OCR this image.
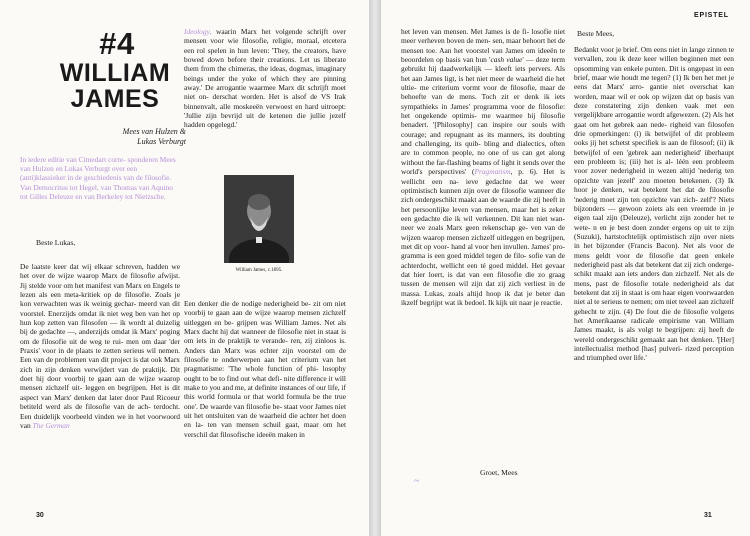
#4
WILLIAM
JAMES
Mees van Hulzen &
Lukas Verburgt
In iedere editie van Cimedart corre- sponderen Mees van Hulzen en Lukas Verburgt over een (anti)klassieker in de geschiedenis van de filosofie. Van Democritus tot Hegel, van Thomas van Aquino tot Gilles Deleuze en van Berkeley tot Nietzsche.
Beste Lukas,
De laatste keer dat wij elkaar schreven, hadden we het over de wijze waarop Marx de filosofie afwijst. Jij stelde voor om het manifest van Marx en Engels te lezen als een meta-kritiek op de filosofie. Zoals je kon verwachten was ik weinig gechar- meerd van dit voorstel. Enerzijds omdat ik niet weg ben van het op hun kop zetten van filosofen — ik wordt al duizelig bij de gedachte —, anderzijds omdat ik Marx' poging om de filosofie uit de weg te rui- men om daar 'der Praxis' voor in de plaats te zetten serieus wil nemen. Een van de problemen van dit project is dat ook Marx zich in zijn denken verwijdert van de praktijk. Dit doet hij door voorbij te gaan aan de wijze waarop mensen zichzelf uit- leggen en begrijpen. Het is dit aspect van Marx' denken dat later door Paul Ricoeur betiteld werd als de filosofie van de ach- terdocht. Een duidelijk voorbeeld vinden we in het voorwoord van The German
Ideology, waarin Marx het volgende schrijft over mensen voor wie filosofie, religie, moraal, etcetera een rol spelen in hun leven: 'They, the creators, have bowed down before their creations. Let us liberate them from the chimeras, the ideas, dogmas, imaginary beings under the yoke of which they are pinning away.' De arrogantie waarmee Marx dit schrijft moet niet on- derschat worden. Het is alsof de VS Irak binnenvalt, alle moskeeën verwoest en hard uitroept: 'Jullie zijn bevrijd uit de ketenen die jullie jezelf hadden opgelegd.'
William James, c.1895.
Een denker die de nodige nederigheid be- zit om niet voorbij te gaan aan de wijze waarop mensen zichzelf uitleggen en be- grijpen was William James. Net als Marx dacht hij dat wanneer de filosofie niet in staat is om iets in de praktijk te verande- ren, zij zinloos is. Anders dan Marx was echter zijn voorstel om de filosofie te onderwerpen aan het criterium van het pragmatisme: 'The whole function of phi- losophy ought to be to find out what defi- nite difference it will make to you and me, at definite instances of our life, if this world formula or that world formula be the true one'. De waarde van filosofie be- staat voor James niet uit het ontsluiten van de waarheid die achter het doen en la- ten van mensen schuil gaat, maar om het verschil dat filosofische ideeën maken in
30
EPISTEL
het leven van mensen. Met James is de fi- losofie niet meer verheven boven de men- sen, maar behoort het de mensen toe. Aan het voorstel van James om ideeën te beoordelen op basis van hun 'cash value' — deze term gebruikt hij daadwerkelijk — kleeft iets pervers. Als het aan James ligt, is het niet meer de waarheid die het ultie- me criterium vormt voor de filosofie, maar de behoefte van de mens. Toch zit er denk ik iets sympathieks in James' programma voor de filosofie: het ongekende optimis- me waarmee hij filosofie benadert. '[Philosophy] can inspire our souls with courage; and repugnant as its manners, its doubting and challenging, its quib- bling and dialectics, often are to common people, no one of us can get along without the far-flashing beams of light it sends over the world's perspectives' (Pragmatism, p. 6). Het is wellicht een na- ieve gedachte dat we weer optimistisch kunnen zijn over de filosofie wanneer die zich ondergeschikt maakt aan de waarde die zij heeft in het persoonlijke leven van mensen, maar het is zeker een gedachte die ik wil verkennen. Dit kan niet wan- neer we zoals Marx geen rekenschap ge- ven van de wijzen waarop mensen zichzelf uitleggen en begrijpen, met dit op voor- hand al voor hen invullen. James' pro- gramma is een goed middel tegen de filo- sofie van de achterdocht, wellicht een té goed middel. Het gevaar dat hier loert, is dat van een filosofie die zo graag tussen de mensen wil zijn dat zij zich verliest in de massa. Lukas, zoals altijd hoop ik dat je beter dan ikzelf begrijpt wat ik bedoel. Ik kijk uit naar je reactie.
Groet, Mees
~
Beste Mees,
Bedankt voor je brief. Om eens niet in lange zinnen te vervallen, zou ik deze keer willen beginnen met een opsomming van enkele punten. Dit is ongepast in een brief, maar wie houdt me tegen? (1) Ik ben het met je eens dat Marx' arro- gantie niet overschat kan worden, maar wil er ook op wijzen dat op basis van deze constatering zijn denken vaak met een vergelijkbare arrogantie wordt afgewezen. (2) Als het gaat om het gebrek aan nede- righeid van filosofen drie opmerkingen: (i) ik betwijfel of dit probleem ooks jij het schetst specifiek is aan de filosoof; (ii) ik betwijfel of een 'gebrek aan nederigheid' überhaupt een probleem is; (iii) het is al- léén een probleem voor zover nederigheid in wezen altijd 'nederig ten opzichte van jezelf' zou moeten betekenen. (3) Ik hoor je denken, wat betekent het dat de filosofie 'nederig moet zijn ten opzichte van zich- zelf'? Niets bijzonders — gewoon zoiets als een vreemde in je eigen taal zijn (Deleuze), verlicht zijn zonder het te wete- n en je best doen zonder ergens op uit te zijn (Suzuki), hartstochtelijk optimistisch zijn over niets in het bijzonder (Francis Bacon). Net als voor de mens geldt voor de filosofie dat geen enkele nederigheid past als dat betekent dat zij zich onderge- schikt maakt aan iets anders dan zichzelf. Net als de mens, past de filosofie totale nederigheid als dat betekent dat zij in staat is om haar eigen voorwaarden niet al te serieus te nemen; om niet teveel aan zichzelf gehecht te zijn. (4) De fout die de filosofie volgens het Amerikaanse radicale empirisme van William James maakt, is als volgt te begrijpen: zij heeft de wereld ondergeschikt gemaakt aan het denken. '[Her] intellectualist method [has] pulveri- rized perception and triumphed over life.'
31
